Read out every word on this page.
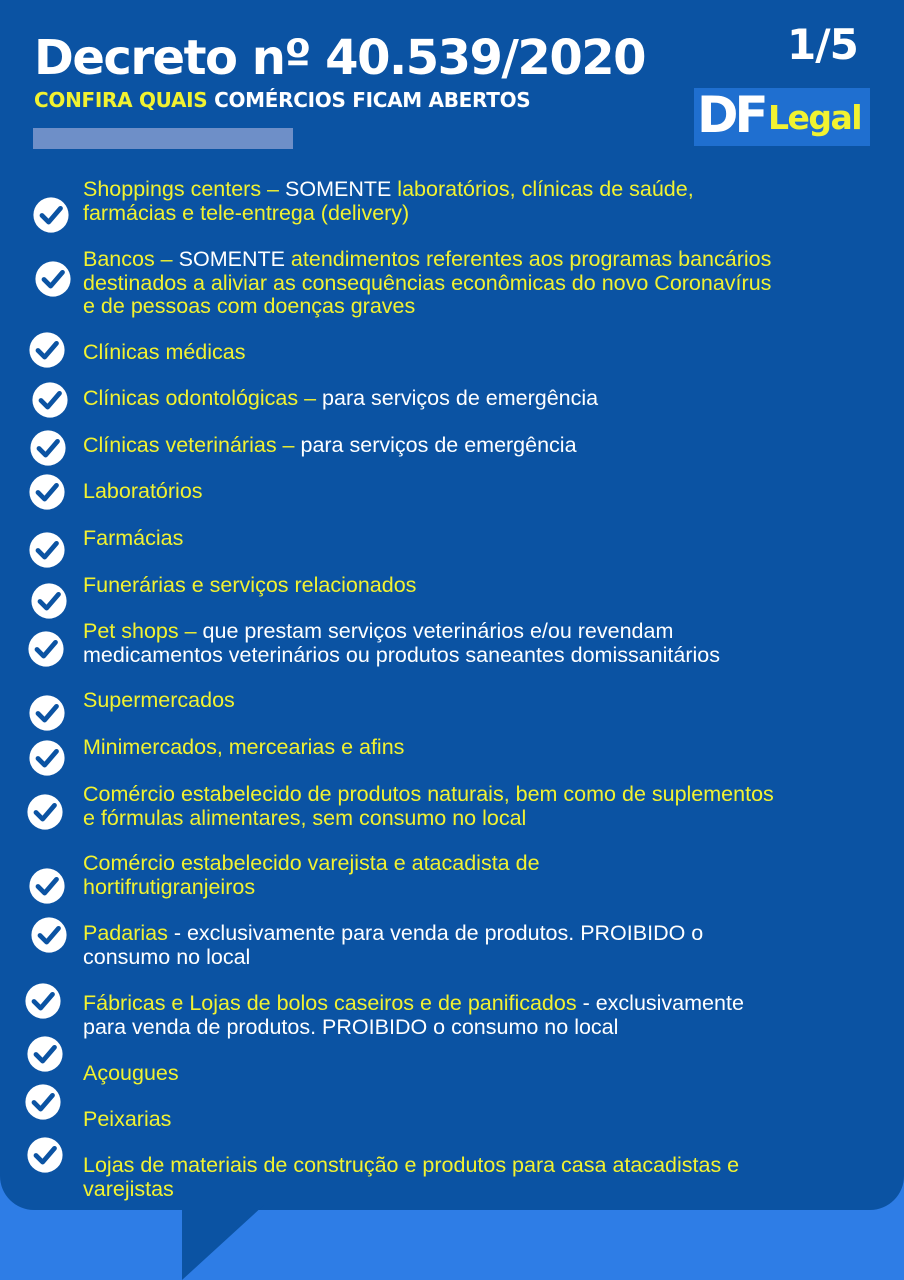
Decreto nº 40.539/2020

CONFIRA QUAIS COMÉRCIOS FICAM ABERTOS

1/5
DF Legal

Shoppings centers – SOMENTE laboratórios, clínicas de saúde,

farmácias e tele-entrega (delivery)

Bancos – SOMENTE atendimentos referentes aos programas bancários

destinados a aliviar as consequências econômicas do novo Coronavírus

e de pessoas com doenças graves

Clínicas médicas

Clínicas odontológicas – para serviços de emergência

Clínicas veterinárias – para serviços de emergência

Laboratórios

Farmácias

Funerárias e serviços relacionados

Pet shops – que prestam serviços veterinários e/ou revendam

medicamentos veterinários ou produtos saneantes domissanitários

Supermercados

Minimercados, mercearias e afins

Comércio estabelecido de produtos naturais, bem como de suplementos

e fórmulas alimentares, sem consumo no local

Comércio estabelecido varejista e atacadista de

hortifrutigranjeiros

Padarias - exclusivamente para venda de produtos. PROIBIDO o

consumo no local

Fábricas e Lojas de bolos caseiros e de panificados - exclusivamente

para venda de produtos. PROIBIDO o consumo no local

Açougues

Peixarias

Lojas de materiais de construção e produtos para casa atacadistas e

varejistas
